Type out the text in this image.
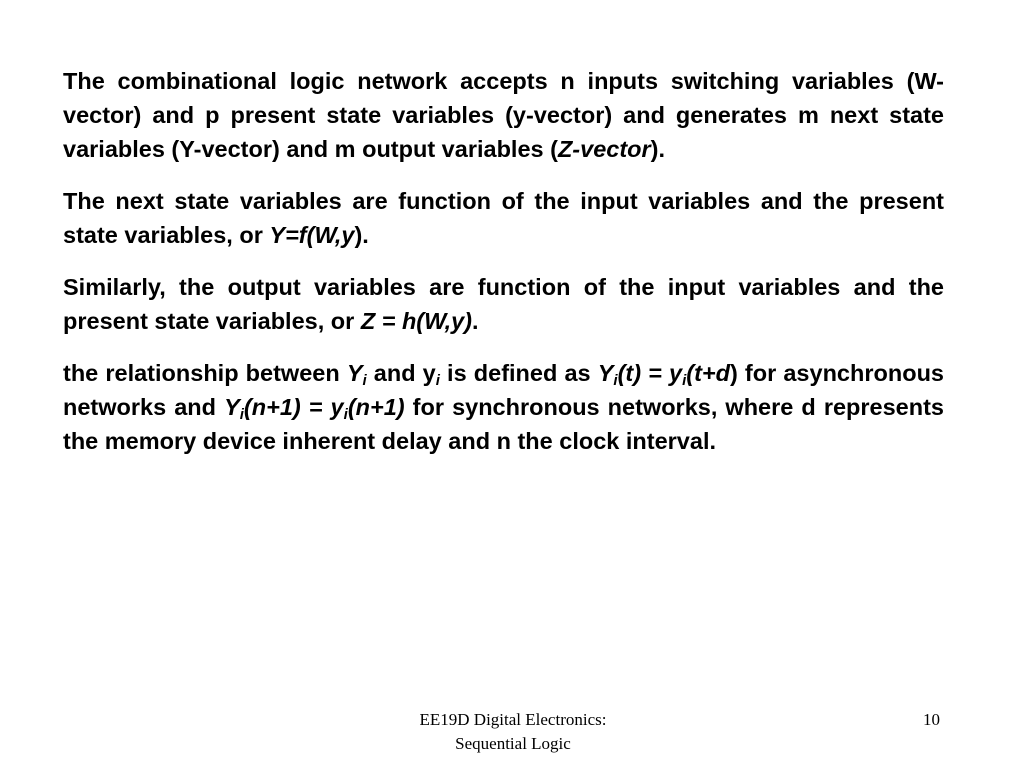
The combinational logic network accepts n inputs switching variables (W-vector) and p present state variables (y-vector) and generates m next state variables (Y-vector) and m output variables (Z-vector).

The next state variables are function of the input variables and the present state variables, or Y=f(W,y).

Similarly, the output variables are function of the input variables and the present state variables, or Z = h(W,y).

the relationship between $Y_i$ and $y_i$ is defined as $Y_i(t) = y_i(t+d)$ for asynchronous networks and $Y_i(n+1) = y_i(n+1)$ for synchronous networks, where d represents the memory device inherent delay and n the clock interval.

EE19D Digital Electronics:
Sequential Logic
10
